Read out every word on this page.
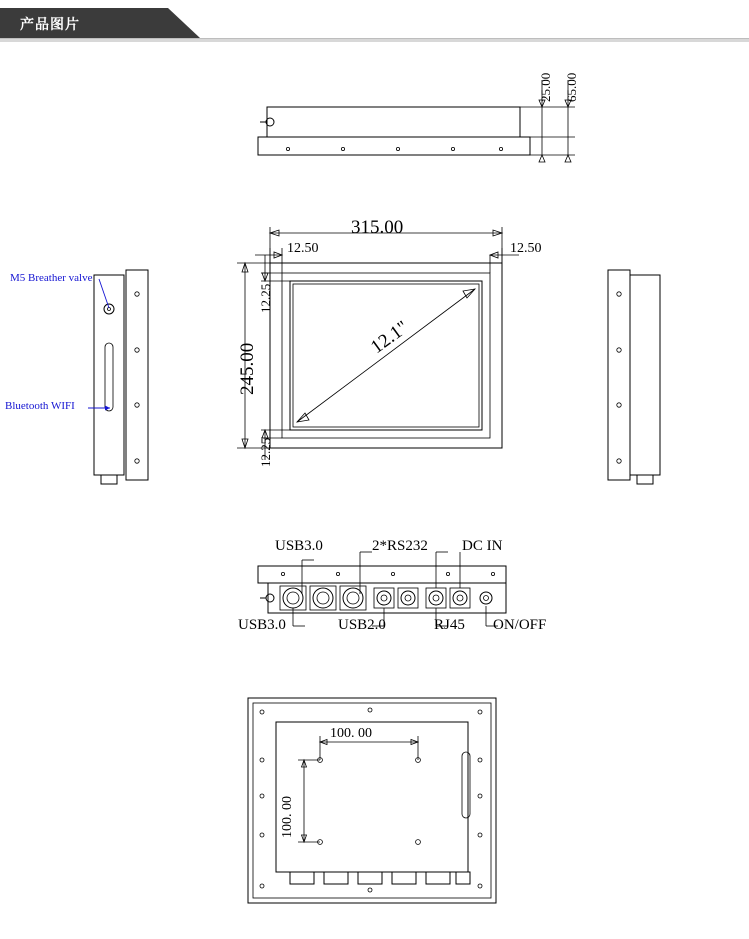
产品图片
25.00 65.00
M5 Breather valve
Bluetooth WIFI
315.00
245.00
12.50	12.50
12.25
12.25
12.1"
USB3.0	2*RS232 DC IN
USB3.0	USB2.0	RJ45 ON/OFF
100. 00
100. 00
